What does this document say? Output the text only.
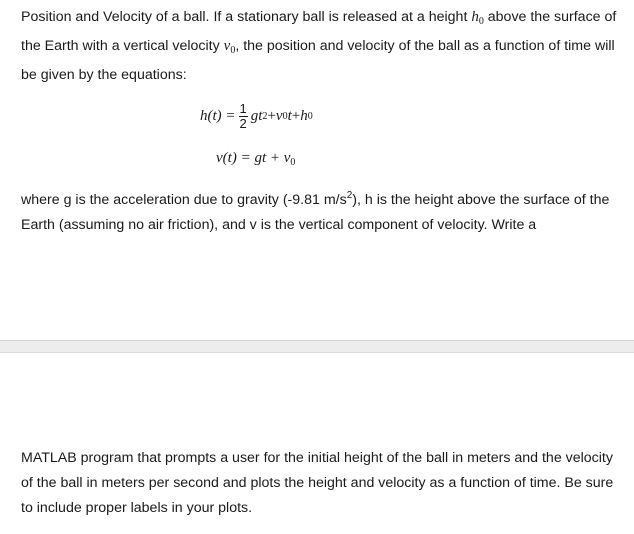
Position and Velocity of a ball. If a stationary ball is released at a height $h_0$ above the surface of the Earth with a vertical velocity $v_0$, the position and velocity of the ball as a function of time will be given by the equations:

$h(t) = \frac{1}{2}$ gt 2 + v 0 t + h 0
v(t) = gt + $v_0$

where g is the acceleration due to gravity (-9.81 $m/s^2$), h is the height above the surface of the Earth (assuming no air friction), and v is the vertical component of velocity. Write a

MATLAB program that prompts a user for the initial height of the ball in meters and the velocity of the ball in meters per second and plots the height and velocity as a function of time. Be sure to include proper labels in your plots.
